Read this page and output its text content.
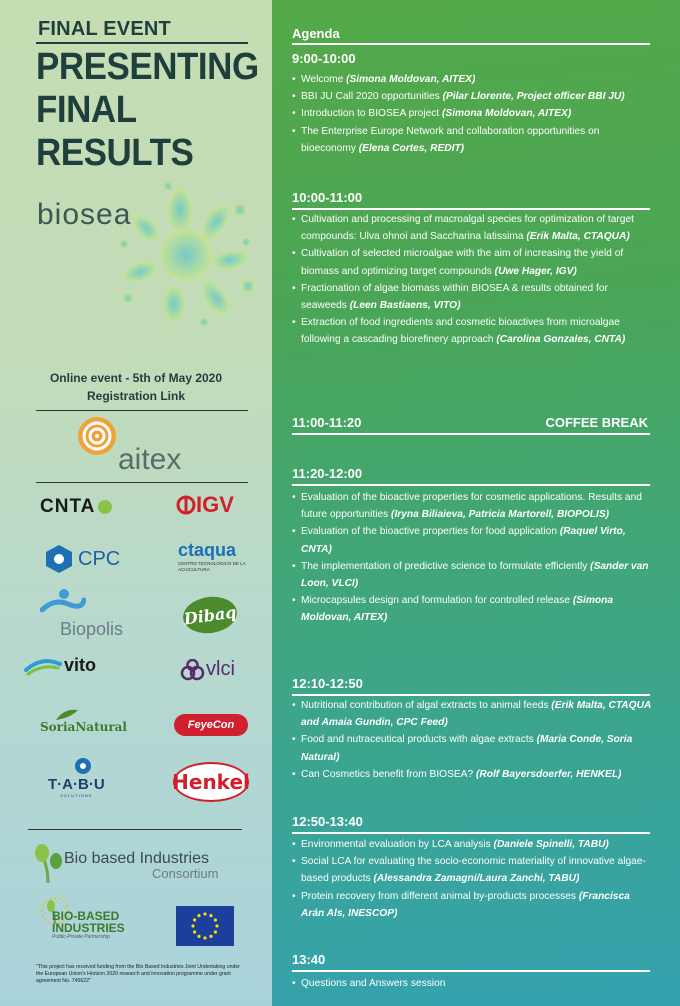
FINAL EVENT
PRESENTING
FINAL
RESULTS
biosea
Online event - 5th of May 2020
Registration Link
aitex
CNTA	IGV
CPC	ctaqua
CENTRO TECNOLÓGICO DE LA ACUICULTURA
Biopolis
Dibaq
vito	vlci
SoriaNatural	FeyeCon
T·A·B·U
SOLUTIONS
Henkel
Bio based Industries
Consortium
BIO-BASED INDUSTRIES
Public-Private Partnership
"This project has received funding from the Bio Based Industries Joint Undertaking under the European Union's Horizon 2020 research and innovation programme under grant agreement No. 745622"
Agenda
9:00-10:00
• Welcome (Simona Moldovan, AITEX)
• BBI JU Call 2020 opportunities (Pilar Llorente, Project officer BBI JU)
• Introduction to BIOSEA project (Simona Moldovan, AITEX)
• The Enterprise Europe Network and collaboration opportunities on bioeconomy (Elena Cortes, REDIT)
10:00-11:00
• Cultivation and processing of macroalgal species for optimization of target compounds: Ulva ohnoi and Saccharina latissima (Erik Malta, CTAQUA)
• Cultivation of selected microalgae with the aim of increasing the yield of biomass and optimizing target compounds (Uwe Hager, IGV)
• Fractionation of algae biomass within BIOSEA & results obtained for seaweeds (Leen Bastiaens, VITO)
• Extraction of food ingredients and cosmetic bioactives from microalgae following a cascading biorefinery approach (Carolina Gonzales, CNTA)
11:00-11:20	COFFEE BREAK
11:20-12:00
• Evaluation of the bioactive properties for cosmetic applications. Results and future opportunities (Iryna Biliaieva, Patricia Martorell, BIOPOLIS)
• Evaluation of the bioactive properties for food application (Raquel Virto, CNTA)
• The implementation of predictive science to formulate efficiently (Sander van Loon, VLCI)
• Microcapsules design and formulation for controlled release (Simona Moldovan, AITEX)
12:10-12:50
• Nutritional contribution of algal extracts to animal feeds (Erik Malta, CTAQUA and Amaia Gundin, CPC Feed)
• Food and nutraceutical products with algae extracts (Maria Conde, Soria Natural)
• Can Cosmetics benefit from BIOSEA? (Rolf Bayersdoerfer, HENKEL)
12:50-13:40
• Environmental evaluation by LCA analysis (Daniele Spinelli, TABU)
• Social LCA for evaluating the socio-economic materiality of innovative algae-based products (Alessandra Zamagni/Laura Zanchi, TABU)
• Protein recovery from different animal by-products processes (Francisca Arán Als, INESCOP)
13:40
• Questions and Answers session
